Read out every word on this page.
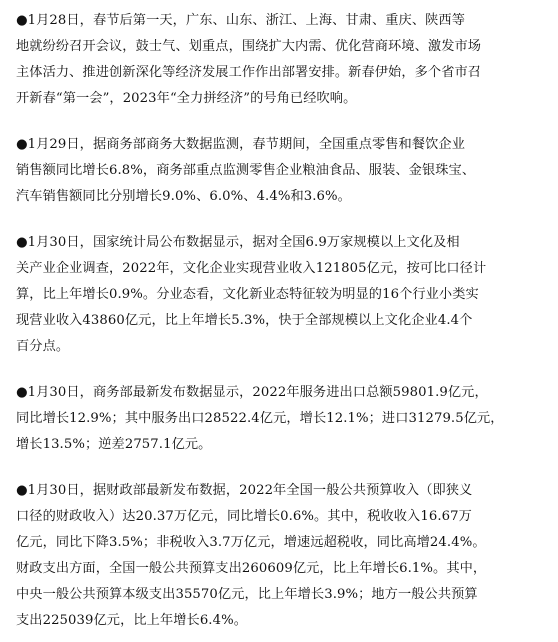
●1月28日，春节后第一天，广东、山东、浙江、上海、甘肃、重庆、陕西等
地就纷纷召开会议，鼓士气、划重点，围绕扩大内需、优化营商环境、激发市场
主体活力、推进创新深化等经济发展工作作出部署安排。新春伊始，多个省市召
开新春“第一会”，2023年“全力拼经济”的号角已经吹响。
●1月29日，据商务部商务大数据监测，春节期间，全国重点零售和餐饮企业
销售额同比增长6.8%，商务部重点监测零售企业粮油食品、服装、金银珠宝、
汽车销售额同比分别增长9.0%、6.0%、4.4%和3.6%。
●1月30日，国家统计局公布数据显示，据对全国6.9万家规模以上文化及相
关产业企业调查，2022年，文化企业实现营业收入121805亿元，按可比口径计
算，比上年增长0.9%。分业态看，文化新业态特征较为明显的16个行业小类实
现营业收入43860亿元，比上年增长5.3%，快于全部规模以上文化企业4.4个
百分点。
●1月30日，商务部最新发布数据显示，2022年服务进出口总额59801.9亿元，
同比增长12.9%；其中服务出口28522.4亿元，增长12.1%；进口31279.5亿元，
增长13.5%；逆差2757.1亿元。
●1月30日，据财政部最新发布数据，2022年全国一般公共预算收入（即狭义
口径的财政收入）达20.37万亿元，同比增长0.6%。其中，税收收入16.67万
亿元，同比下降3.5%；非税收入3.7万亿元，增速远超税收，同比高增24.4%。
财政支出方面，全国一般公共预算支出260609亿元，比上年增长6.1%。其中，
中央一般公共预算本级支出35570亿元，比上年增长3.9%；地方一般公共预算
支出225039亿元，比上年增长6.4%。
